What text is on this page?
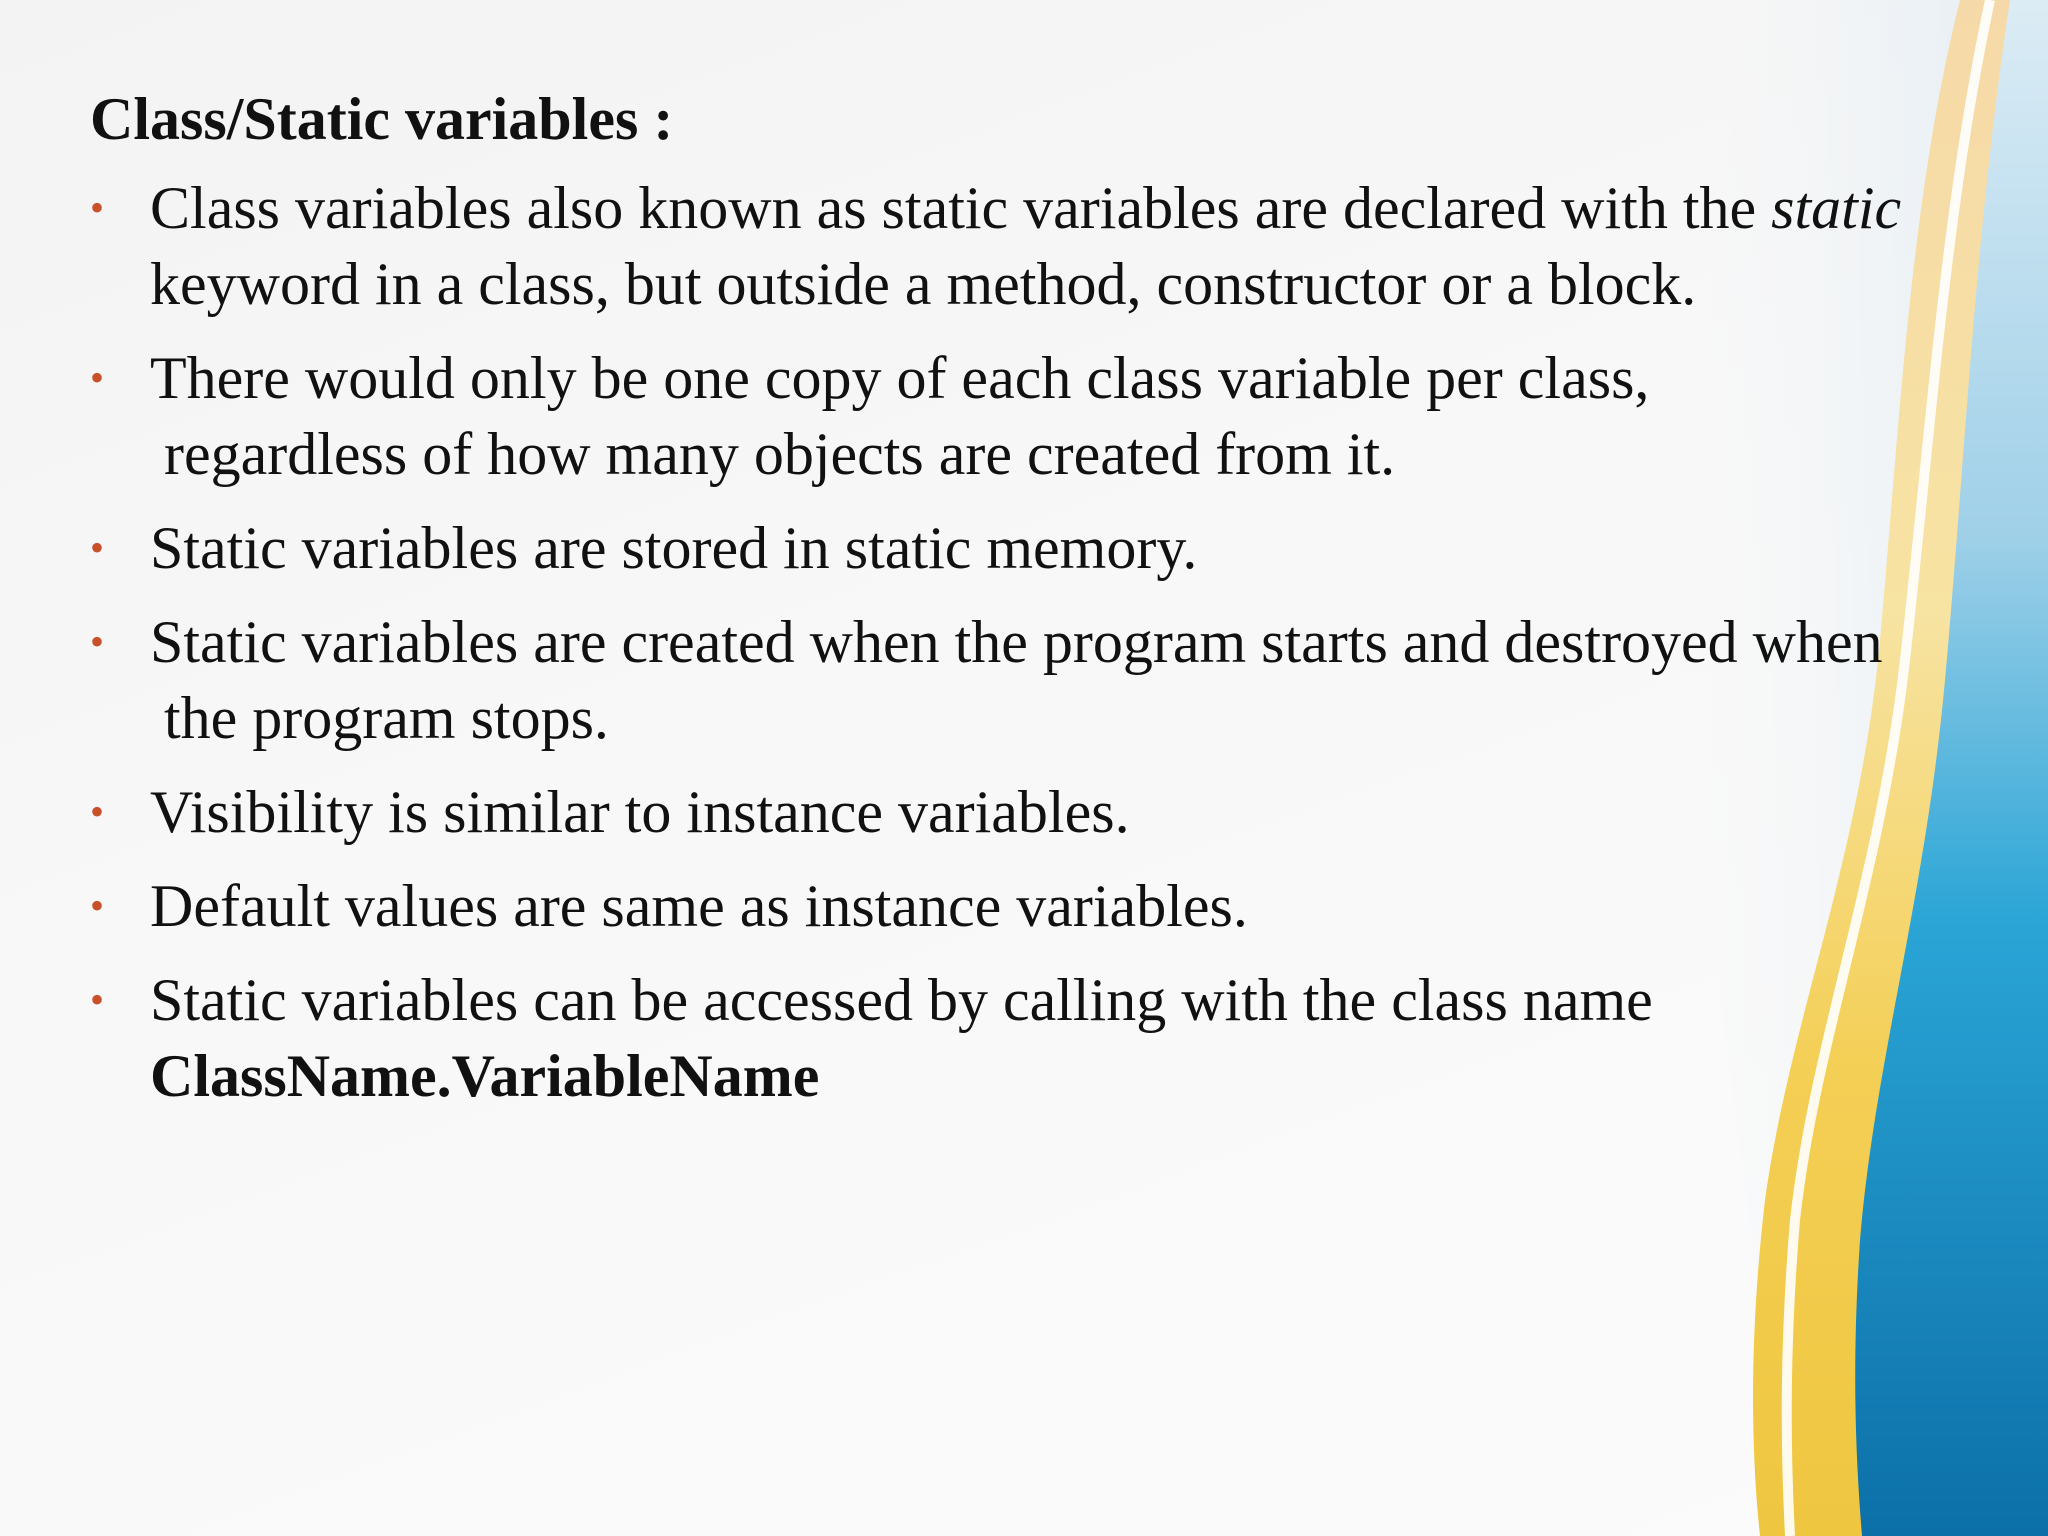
Class/Static variables :
• Class variables also known as static variables are declared with the static
keyword in a class, but outside a method, constructor or a block.
• There would only be one copy of each class variable per class,
regardless of how many objects are created from it.
• Static variables are stored in static memory.
• Static variables are created when the program starts and destroyed when
the program stops.
• Visibility is similar to instance variables.
• Default values are same as instance variables.
• Static variables can be accessed by calling with the class name
ClassName.VariableName
